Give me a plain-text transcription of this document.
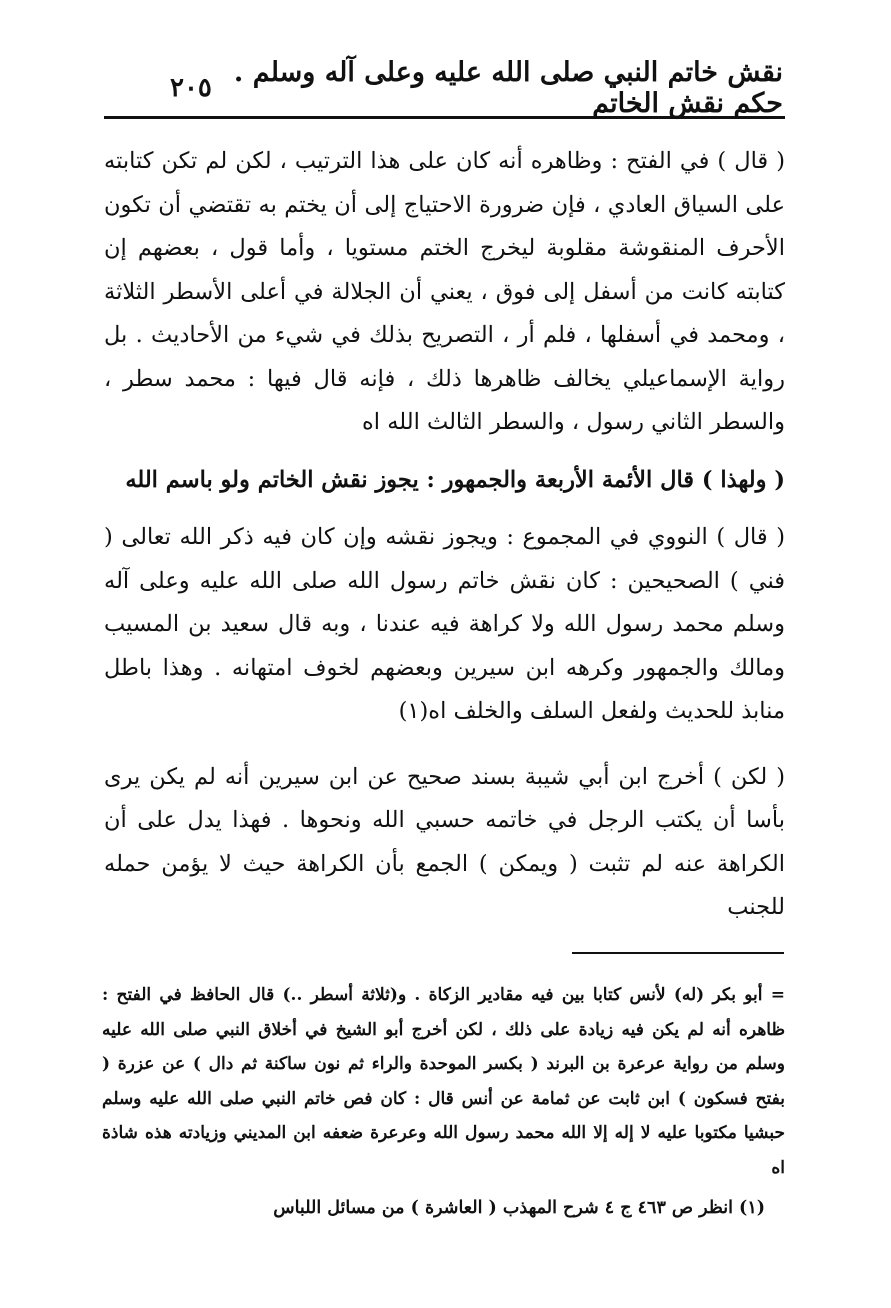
نقش خاتم النبي صلى الله عليه وعلى آله وسلم . حكم نقش الخاتم
٢٠٥

( قال ) في الفتح : وظاهره أنه كان على هذا الترتيب ، لكن لم تكن كتابته على السياق العادي ، فإن ضرورة الاحتياج إلى أن يختم به تقتضي أن تكون الأحرف المنقوشة مقلوبة ليخرج الختم مستويا ، وأما قول ، بعضهم إن كتابته كانت من أسفل إلى فوق ، يعني أن الجلالة في أعلى الأسطر الثلاثة ، ومحمد في أسفلها ، فلم أر ، التصريح بذلك في شيء من الأحاديث . بل رواية الإسماعيلي يخالف ظاهرها ذلك ، فإنه قال فيها : محمد سطر ، والسطر الثاني رسول ، والسطر الثالث الله اه

( ولهذا ) قال الأئمة الأربعة والجمهور : يجوز نقش الخاتم ولو باسم الله

( قال ) النووي في المجموع : ويجوز نقشه وإن كان فيه ذكر الله تعالى ( فني ) الصحيحين : كان نقش خاتم رسول الله صلى الله عليه وعلى آله وسلم محمد رسول الله ولا كراهة فيه عندنا ، وبه قال سعيد بن المسيب ومالك والجمهور وكرهه ابن سيرين وبعضهم لخوف امتهانه . وهذا باطل منابذ للحديث ولفعل السلف والخلف اه(١)

( لكن ) أخرج ابن أبي شيبة بسند صحيح عن ابن سيرين أنه لم يكن يرى بأسا أن يكتب الرجل في خاتمه حسبي الله ونحوها . فهذا يدل على أن الكراهة عنه لم تثبت ( ويمكن ) الجمع بأن الكراهة حيث لا يؤمن حمله للجنب

= أبو بكر (له) لأنس كتابا بين فيه مقادير الزكاة . و(ثلاثة أسطر ..) قال الحافظ في الفتح : ظاهره أنه لم يكن فيه زيادة على ذلك ، لكن أخرج أبو الشيخ في أخلاق النبي صلى الله عليه وسلم من رواية عرعرة بن البرند ( بكسر الموحدة والراء ثم نون ساكنة ثم دال ) عن عزرة ( بفتح فسكون ) ابن ثابت عن ثمامة عن أنس قال : كان فص خاتم النبي صلى الله عليه وسلم حبشيا مكتوبا عليه لا إله إلا الله محمد رسول الله وعرعرة ضعفه ابن المديني وزيادته هذه شاذة اه

(١) انظر ص ٤٦٣ ج ٤ شرح المهذب ( العاشرة ) من مسائل اللباس
